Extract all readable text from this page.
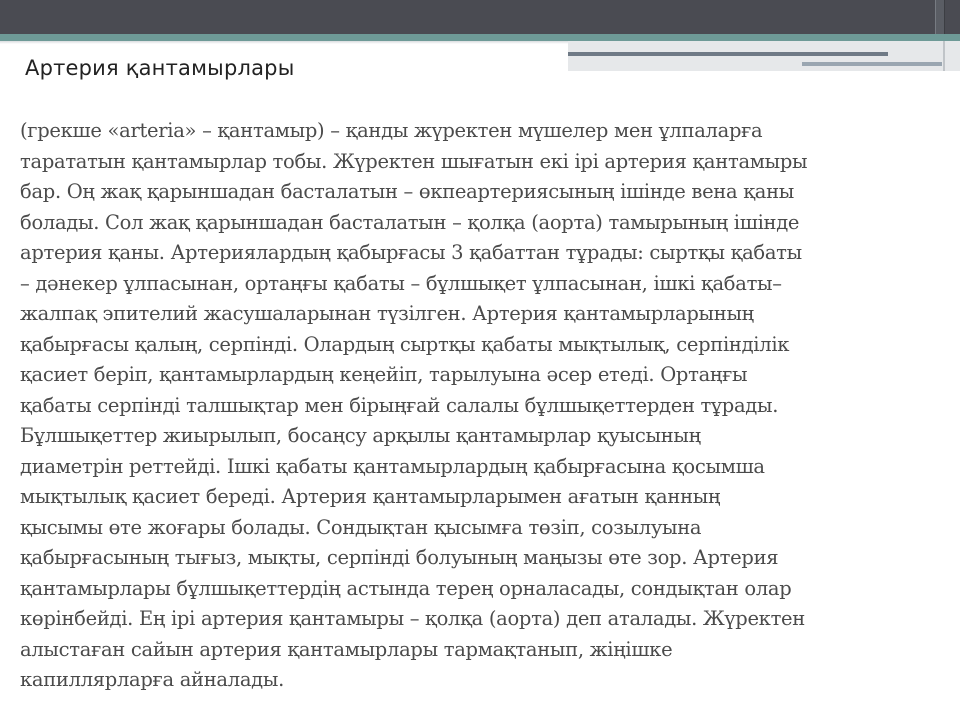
Артерия қантамырлары
(грекше «arteria» – қантамыр) – қанды жүректен мүшелер мен ұлпаларға
тарататын қантамырлар тобы. Жүректен шығатын екі ірі артерия қантамыры
бар. Оң жақ қарыншадан басталатын – өкпеартериясының ішінде вена қаны
болады. Сол жақ қарыншадан басталатын – қолқа (аорта) тамырының ішінде
артерия қаны. Артериялардың қабырғасы 3 қабаттан тұрады: сыртқы қабаты
– дәнекер ұлпасынан, ортаңғы қабаты – бұлшықет ұлпасынан, ішкі қабаты–
жалпақ эпителий жасушаларынан түзілген. Артерия қантамырларының
қабырғасы қалың, серпінді. Олардың сыртқы қабаты мықтылық, серпінділік
қасиет беріп, қантамырлардың кеңейіп, тарылуына әсер етеді. Ортаңғы
қабаты серпінді талшықтар мен бірыңғай салалы бұлшықеттерден тұрады.
Бұлшықеттер жиырылып, босаңсу арқылы қантамырлар қуысының
диаметрін реттейді. Ішкі қабаты қантамырлардың қабырғасына қосымша
мықтылық қасиет береді. Артерия қантамырларымен ағатын қанның
қысымы өте жоғары болады. Сондықтан қысымға төзіп, созылуына
қабырғасының тығыз, мықты, серпінді болуының маңызы өте зор. Артерия
қантамырлары бұлшықеттердің астында терең орналасады, сондықтан олар
көрінбейді. Ең ірі артерия қантамыры – қолқа (аорта) деп аталады. Жүректен
алыстаған сайын артерия қантамырлары тармақтанып, жіңішке
капиллярларға айналады.
